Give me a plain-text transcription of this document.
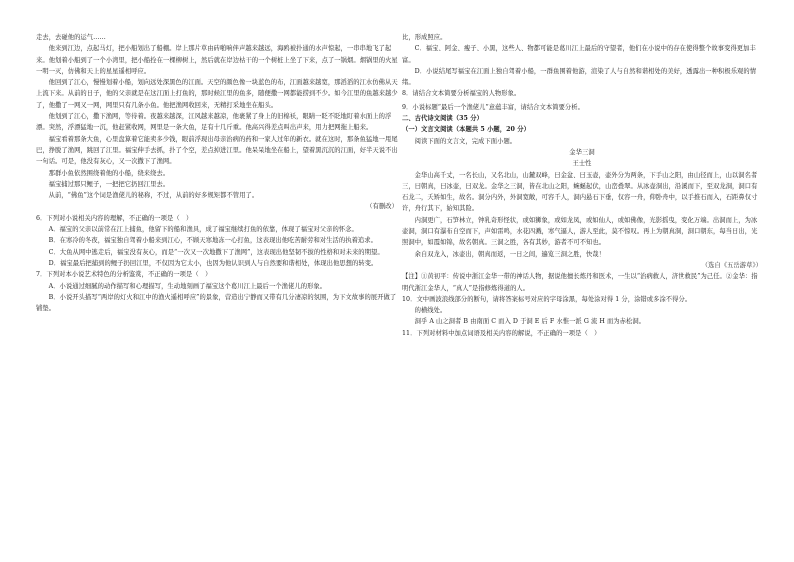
走去，去碰他的运气……

他来到江边，点起马灯，把小船划出了船棚。岸上那片草由砖啪响伴声越来越远，海鸥被扑通的水声惊起，一串串地飞了起来。他划着小船到了一个小湾里，把小船拴在一棵柳树上，然后就在岸边枯干的一个树桩上坐了下来，点了一锅烟。烟锅里的火星一明一灭，仿佛和天上的星星遥相呼应。

他回到了江心，慢慢划着小船，划向远处深黑色的江面。天空的颜色像一块蓝色的布，江面越来越宽，那滔滔的江水仿佛从天上流下来。从前的日子，他的父亲就是在这江面上打鱼的，那时候江里的鱼多，随便撒一网都能捞到不少。如今江里的鱼越来越少了，他撒了一网又一网，网里只有几条小鱼。他把渔网收回来，无精打采地坐在船头。

他划到了江心，撒下渔网，等待着。夜越来越深，江风越来越凉，他裹紧了身上的旧棉袄，眼睛一眨不眨地盯着水面上的浮漂。突然，浮漂猛地一沉，他赶紧收网，网里是一条大鱼，足有十几斤重。他高兴得差点叫出声来，用力把网拖上船来。

福宝看着那条大鱼，心里盘算着它能卖多少钱，眼前浮现出母亲治病的药和一家人过年的新衣。就在这时，那条鱼猛地一甩尾巴，挣脱了渔网，跳回了江里。福宝伸手去抓，扑了个空，差点掉进江里。他呆呆地坐在船上，望着黑沉沉的江面，好半天说不出一句话。可是，他没有灰心，又一次撒下了渔网。

那群小鱼依然围绕着他的小船，绕来绕去。

福宝捕过那只鲤子，一把把它扔回江里去。

从前，“佛鱼”这个词是渔佬儿的秘称，不过，从前的好多规矩都不管用了。

（有删改）

6．下列对小说相关内容的理解，不正确的一项是（　）

A．福宝的父亲以前常在江上捕鱼，他留下的船和渔具，成了福宝继续打鱼的依靠，体现了福宝对父亲的怀念。

B．在寒冷的冬夜，福宝独自驾着小船来到江心，不顾天寒地冻一心打鱼，这表现出他吃苦耐劳和对生活的执着追求。

C．大鱼从网中逃走后，福宝没有灰心，而是“一次又一次地撒下了渔网”，这表现出他坚韧不拔的性格和对未来的期望。

D．福宝最后把捕到的鲤子扔回江里，不仅因为它太小，也因为他认识到人与自然要和谐相处，体现出他思想的转变。

7．下列对本小说艺术特色的分析鉴赏，不正确的一项是（　）

A．小说通过细腻的动作描写和心理描写，生动地刻画了福宝这个葛川江上最后一个渔佬儿的形象。

B．小说开头描写“两岸的灯火和江中的渔火遥相呼应”的景象，营造出宁静而又带有几分凄凉的氛围，为下文故事的展开做了铺垫。

比，形成照应。

C．福宝、阿金、瘦子、小黑，这些人、物都可能是葛川江上最后的守望者，他们在小说中的存在使得整个故事变得更加丰富。

D．小说结尾写福宝在江面上独自驾着小船，一群鱼围着他游，渲染了人与自然和谐相处的美好，透露出一种积极乐观的情绪。

8．请结合文本简要分析福宝的人物形象。

9．小说标题“最后一个渔佬儿”意蕴丰富，请结合文本简要分析。

二、古代诗文阅读（35 分）

（一）文言文阅读（本题共 5 小题，20 分）

阅读下面的文言文，完成下面小题。

金华三洞

王士性

金华山高千丈，一名长山，又名北山，山麓双峰，曰金盆、曰玉壶，壶外分为两条，下手山之阳，由山径而上，山以洞名者三，曰朝真，曰冰壶，曰双龙。金华之三洞，皆在北山之阳，蜿蜒起伏，山峦叠翠。从冰壶洞出，沿溪而下，至双龙洞，洞口有石龙二，夭矫如生，故名。洞分内外，外洞宽敞，可容千人，洞内悬石下垂，仅容一舟，仰卧舟中，以手推石而入，石距鼻仅寸许，舟行其下，始知其险。

内洞更广，石笋林立，钟乳奇形怪状，或如狮象，或如龙凤，或如仙人，或如佛像，光影摇曳，变化万端。出洞而上，为冰壶洞，洞口有瀑布自空而下，声如雷鸣，水花四溅，寒气逼人，游人至此，莫不惊叹。再上为朝真洞，洞口朝东，每当日出，光照洞中，如霞如锦，故名朝真。三洞之胜，各有其妙，游者不可不知也。

余自双龙入，冰壶出，朝真而返，一日之间，遍览三洞之胜，快哉！

（选自《五岳游草》）

【注】①黄初平：传说中浙江金华一带的神话人物，据说他擅长炼丹和医术，一生以“治病救人，济世救民”为己任。②金华：指明代浙江金华人，“真人”是指修炼得道的人。

10．文中画波浪线部分的断句，请将答案标号对应的字母涂黑，每处涂对得 1 分，涂错或多涂不得分。

的横线处。

洞乎 A 山之洞者 B 由南面 C 而入 D 于洞 E 后 F 水惟一派 G 流 H 而为赤松洞。

11．下列对材料中加点词语及相关内容的解说，不正确的一项是（　）
